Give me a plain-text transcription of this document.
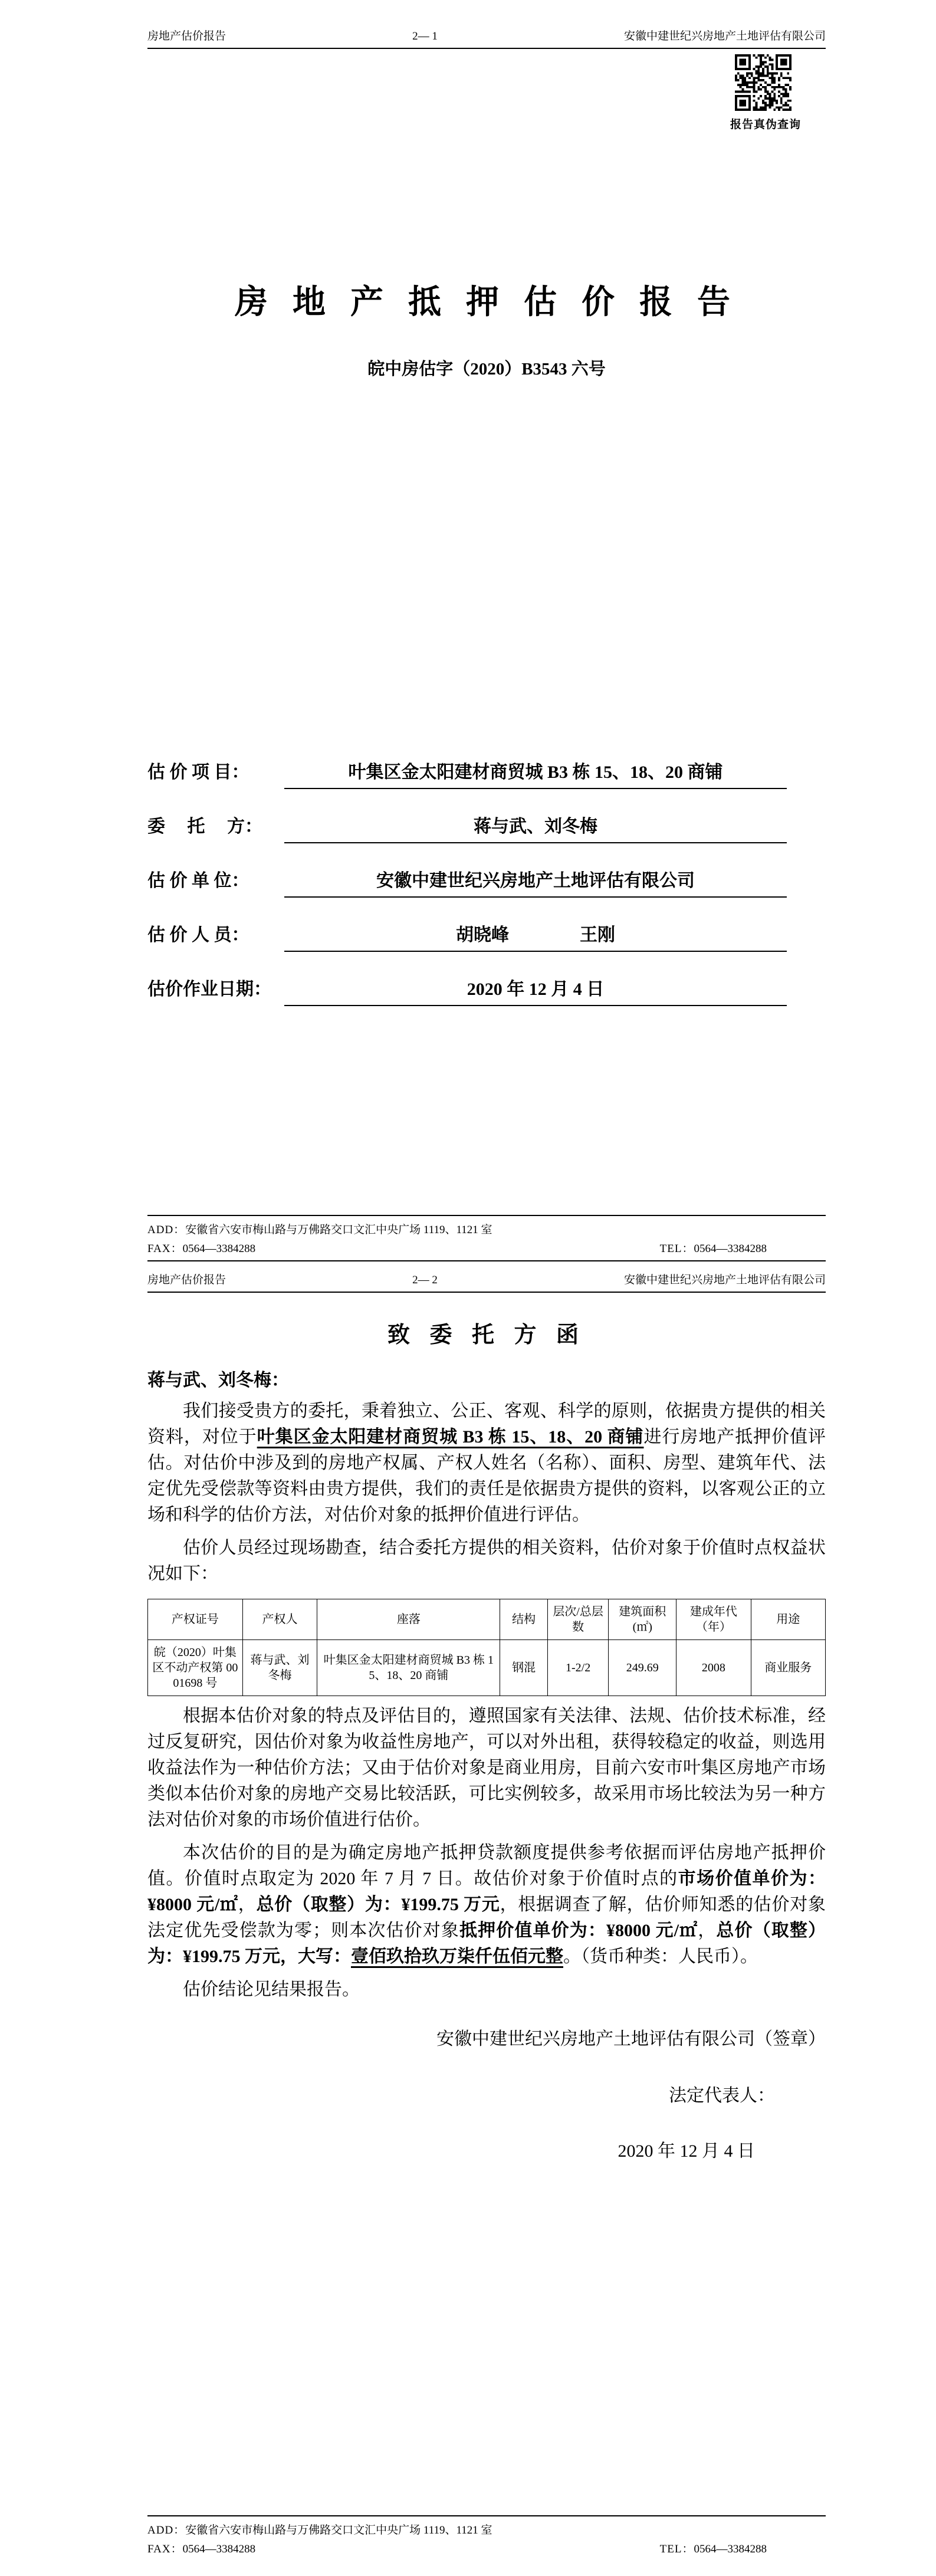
房地产估价报告	2— 1	安徽中建世纪兴房地产土地评估有限公司
报告真伪查询
房 地 产 抵 押 估 价 报 告
皖中房估字（2020）B3543 六号
估 价 项 目：	叶集区金太阳建材商贸城 B3 栋 15、18、20 商铺
委　 托 　方：	蒋与武、刘冬梅
估 价 单 位：	安徽中建世纪兴房地产土地评估有限公司
估 价 人 员：	胡晓峰　　　　王刚
估价作业日期：	2020 年 12 月 4 日
ADD：安徽省六安市梅山路与万佛路交口文汇中央广场 1119、1121 室
FAX：0564—3384288	TEL：0564—3384288
房地产估价报告	2— 2	安徽中建世纪兴房地产土地评估有限公司
致 委 托 方 函

蒋与武、刘冬梅：

我们接受贵方的委托，秉着独立、公正、客观、科学的原则，依据贵方提供的相关资料，对位于叶集区金太阳建材商贸城 B3 栋 15、18、20 商铺进行房地产抵押价值评估。对估价中涉及到的房地产权属、产权人姓名（名称）、面积、房型、建筑年代、法定优先受偿款等资料由贵方提供，我们的责任是依据贵方提供的资料，以客观公正的立场和科学的估价方法，对估价对象的抵押价值进行评估。

估价人员经过现场勘查，结合委托方提供的相关资料，估价对象于价值时点权益状况如下：

产权证号	产权人	座落	结构	层次/总层数	建筑面积(㎡)	建成年代（年）	用途
皖（2020）叶集区不动产权第 0001698 号	蒋与武、刘冬梅	叶集区金太阳建材商贸城 B3 栋 15、18、20 商铺	钢混	1-2/2	249.69	2008	商业服务

根据本估价对象的特点及评估目的，遵照国家有关法律、法规、估价技术标准，经过反复研究，因估价对象为收益性房地产，可以对外出租，获得较稳定的收益，则选用收益法作为一种估价方法；又由于估价对象是商业用房，目前六安市叶集区房地产市场类似本估价对象的房地产交易比较活跃，可比实例较多，故采用市场比较法为另一种方法对估价对象的市场价值进行估价。

本次估价的目的是为确定房地产抵押贷款额度提供参考依据而评估房地产抵押价值。价值时点取定为 2020 年 7 月 7 日。故估价对象于价值时点的市场价值单价为：¥8000 元/㎡，总价（取整）为：¥199.75 万元，根据调查了解，估价师知悉的估价对象法定优先受偿款为零；则本次估价对象抵押价值单价为：¥8000 元/㎡，总价（取整）为：¥199.75 万元，大写：壹佰玖拾玖万柒仟伍佰元整。（货币种类：人民币）。

估价结论见结果报告。

安徽中建世纪兴房地产土地评估有限公司（签章）
法定代表人：
2020 年 12 月 4 日
ADD：安徽省六安市梅山路与万佛路交口文汇中央广场 1119、1121 室
FAX：0564—3384288	TEL：0564—3384288
